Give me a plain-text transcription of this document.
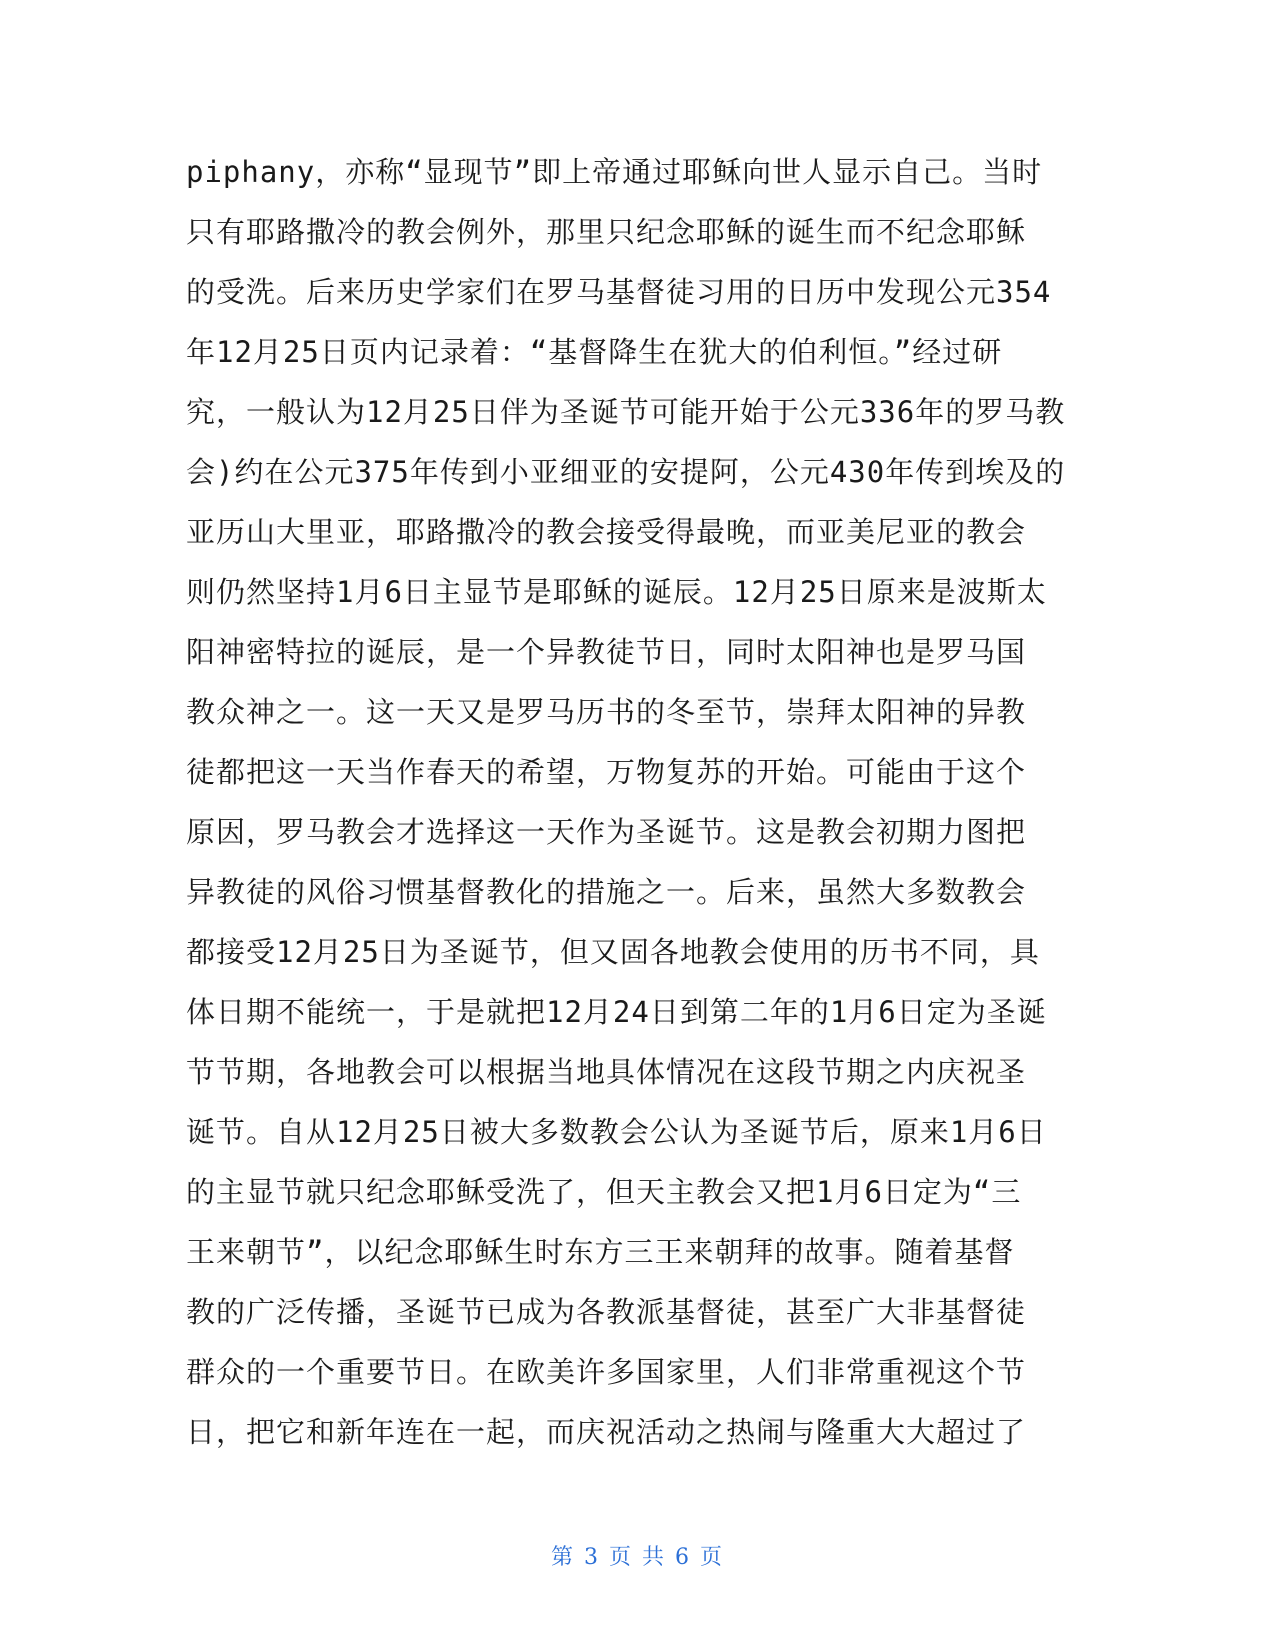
piphany，亦称“显现节”即上帝通过耶稣向世人显示自己。当时
只有耶路撒冷的教会例外，那里只纪念耶稣的诞生而不纪念耶稣
的受洗。后来历史学家们在罗马基督徒习用的日历中发现公元354
年12月25日页内记录着：“基督降生在犹大的伯利恒。”经过研
究，一般认为12月25日伴为圣诞节可能开始于公元336年的罗马教
会)约在公元375年传到小亚细亚的安提阿，公元430年传到埃及的
亚历山大里亚，耶路撒冷的教会接受得最晚，而亚美尼亚的教会
则仍然坚持1月6日主显节是耶稣的诞辰。12月25日原来是波斯太
阳神密特拉的诞辰，是一个异教徒节日，同时太阳神也是罗马国
教众神之一。这一天又是罗马历书的冬至节，崇拜太阳神的异教
徒都把这一天当作春天的希望，万物复苏的开始。可能由于这个
原因，罗马教会才选择这一天作为圣诞节。这是教会初期力图把
异教徒的风俗习惯基督教化的措施之一。后来，虽然大多数教会
都接受12月25日为圣诞节，但又固各地教会使用的历书不同，具
体日期不能统一，于是就把12月24日到第二年的1月6日定为圣诞
节节期，各地教会可以根据当地具体情况在这段节期之内庆祝圣
诞节。自从12月25日被大多数教会公认为圣诞节后，原来1月6日
的主显节就只纪念耶稣受洗了，但天主教会又把1月6日定为“三
王来朝节”，以纪念耶稣生时东方三王来朝拜的故事。随着基督
教的广泛传播，圣诞节已成为各教派基督徒，甚至广大非基督徒
群众的一个重要节日。在欧美许多国家里，人们非常重视这个节
日，把它和新年连在一起，而庆祝活动之热闹与隆重大大超过了
第 3 页 共 6 页
